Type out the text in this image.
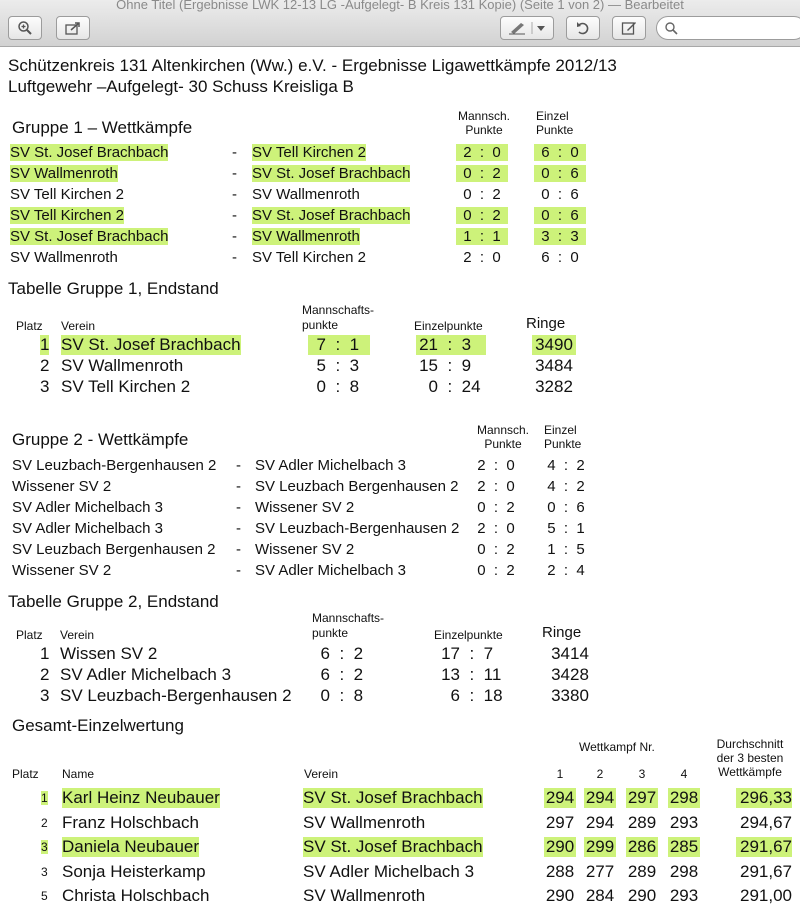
Ohne Titel (Ergebnisse LWK 12-13 LG -Aufgelegt- B Kreis 131 Kopie) (Seite 1 von 2) — Bearbeitet
Schützenkreis 131 Altenkirchen (Ww.) e.V. - Ergebnisse Ligawettkämpfe 2012/13
Luftgewehr –Aufgelegt- 30 Schuss Kreisliga B
Gruppe 1 – Wettkämpfe
Mannsch.
Punkte
Einzel
Punkte
SV St. Josef Brachbach	- SV Tell Kirchen 2	2 : 0	6 : 0
SV Wallmenroth	- SV St. Josef Brachbach	0 : 2	0 : 6
SV Tell Kirchen 2	- SV Wallmenroth	0 : 2	0 : 6
SV Tell Kirchen 2	- SV St. Josef Brachbach	0 : 2	0 : 6
SV St. Josef Brachbach	- SV Wallmenroth	1 : 1	3 : 3
SV Wallmenroth	- SV Tell Kirchen 2	2 : 0	6 : 0
Tabelle Gruppe 1, Endstand
Mannschafts-
punkte
Platz Verein	Einzelpunkte	Ringe
1 SV St. Josef Brachbach	7 : 1	21 : 3	3490
2 SV Wallmenroth	5 : 3	15 : 9	3484
3 SV Tell Kirchen 2	0 : 8	0 : 24	3282
Gruppe 2 - Wettkämpfe	Mannsch.
Punkte
Einzel
Punkte
SV Leuzbach-Bergenhausen 2 - SV Adler Michelbach 3	2 : 0	4 : 2
Wissener SV 2	- SV Leuzbach Bergenhausen 2	2 : 0	4 : 2
SV Adler Michelbach 3	- Wissener SV 2	0 : 2	0 : 6
SV Adler Michelbach 3	- SV Leuzbach-Bergenhausen 2	2 : 0	5 : 1
SV Leuzbach Bergenhausen 2 - Wissener SV 2	0 : 2	1 : 5
Wissener SV 2	- SV Adler Michelbach 3	0 : 2	2 : 4
Tabelle Gruppe 2, Endstand
Mannschafts-
punkte
Platz Verein	Einzelpunkte	Ringe
1 Wissen SV 2	6 : 2	17 : 7	3414
2 SV Adler Michelbach 3	6 : 2	13 : 11	3428
3 SV Leuzbach-Bergenhausen 2	0 : 8	6 : 18	3380
Gesamt-Einzelwertung
Wettkampf Nr.	Durchschnitt
der 3 besten
Wettkämpfe
Platz Name	Verein	1	2	3	4
1 Karl Heinz Neubauer	SV St. Josef Brachbach	294 294 297 298 296,33
2 Franz Holschbach	SV Wallmenroth	297 294 289 293 294,67
3 Daniela Neubauer	SV St. Josef Brachbach	290 299 286 285 291,67
3 Sonja Heisterkamp	SV Adler Michelbach 3	288 277 289 298 291,67
5 Christa Holschbach	SV Wallmenroth	290 284 290 293 291,00
